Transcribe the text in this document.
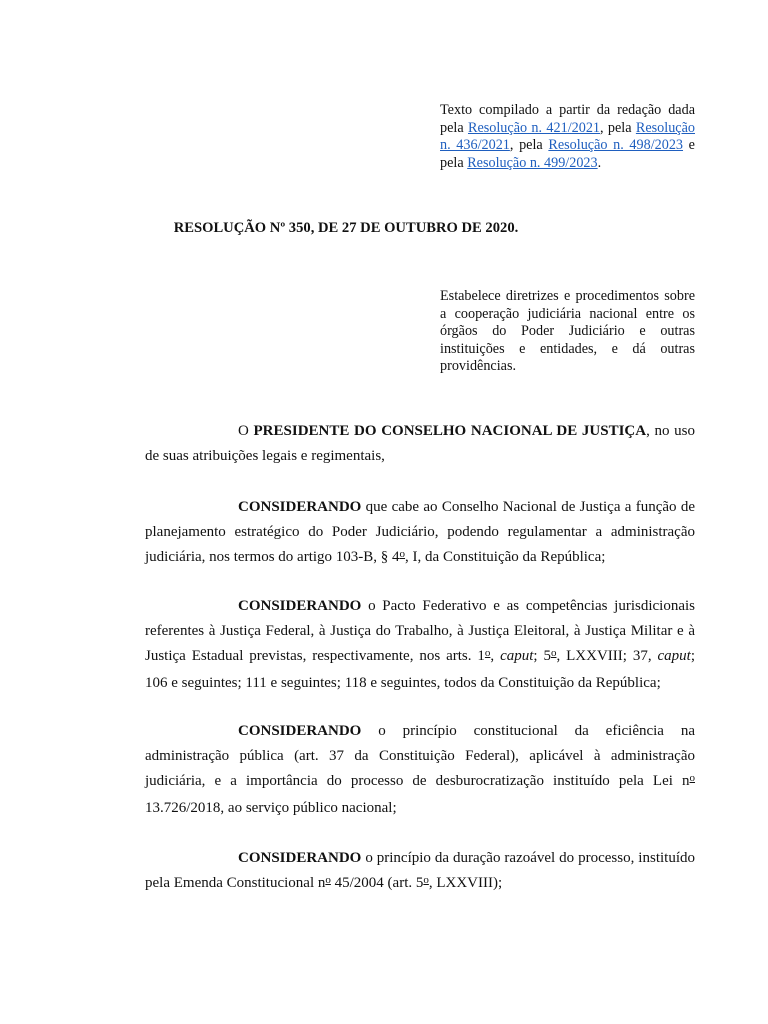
Texto compilado a partir da redação dada pela Resolução n. 421/2021, pela Resolução n. 436/2021, pela Resolução n. 498/2023 e pela Resolução n. 499/2023.
RESOLUÇÃO Nº 350, DE 27 DE OUTUBRO DE 2020.
Estabelece diretrizes e procedimentos sobre a cooperação judiciária nacional entre os órgãos do Poder Judiciário e outras instituições e entidades, e dá outras providências.
O PRESIDENTE DO CONSELHO NACIONAL DE JUSTIÇA, no uso de suas atribuições legais e regimentais,
CONSIDERANDO que cabe ao Conselho Nacional de Justiça a função de planejamento estratégico do Poder Judiciário, podendo regulamentar a administração judiciária, nos termos do artigo 103-B, § 4$^o$, I, da Constituição da República;
CONSIDERANDO o Pacto Federativo e as competências jurisdicionais referentes à Justiça Federal, à Justiça do Trabalho, à Justiça Eleitoral, à Justiça Militar e à Justiça Estadual previstas, respectivamente, nos arts. 1$^o$, caput; 5$^o$, LXXVIII; 37, caput; 106 e seguintes; 111 e seguintes; 118 e seguintes, todos da Constituição da República;
CONSIDERANDO o princípio constitucional da eficiência na administração pública (art. 37 da Constituição Federal), aplicável à administração judiciária, e a importância do processo de desburocratização instituído pela Lei $n^o$ 13.726/2018, ao serviço público nacional;
CONSIDERANDO o princípio da duração razoável do processo, instituído pela Emenda Constitucional $n^o$ 45/2004 (art. 5$^o$, LXXVIII);
